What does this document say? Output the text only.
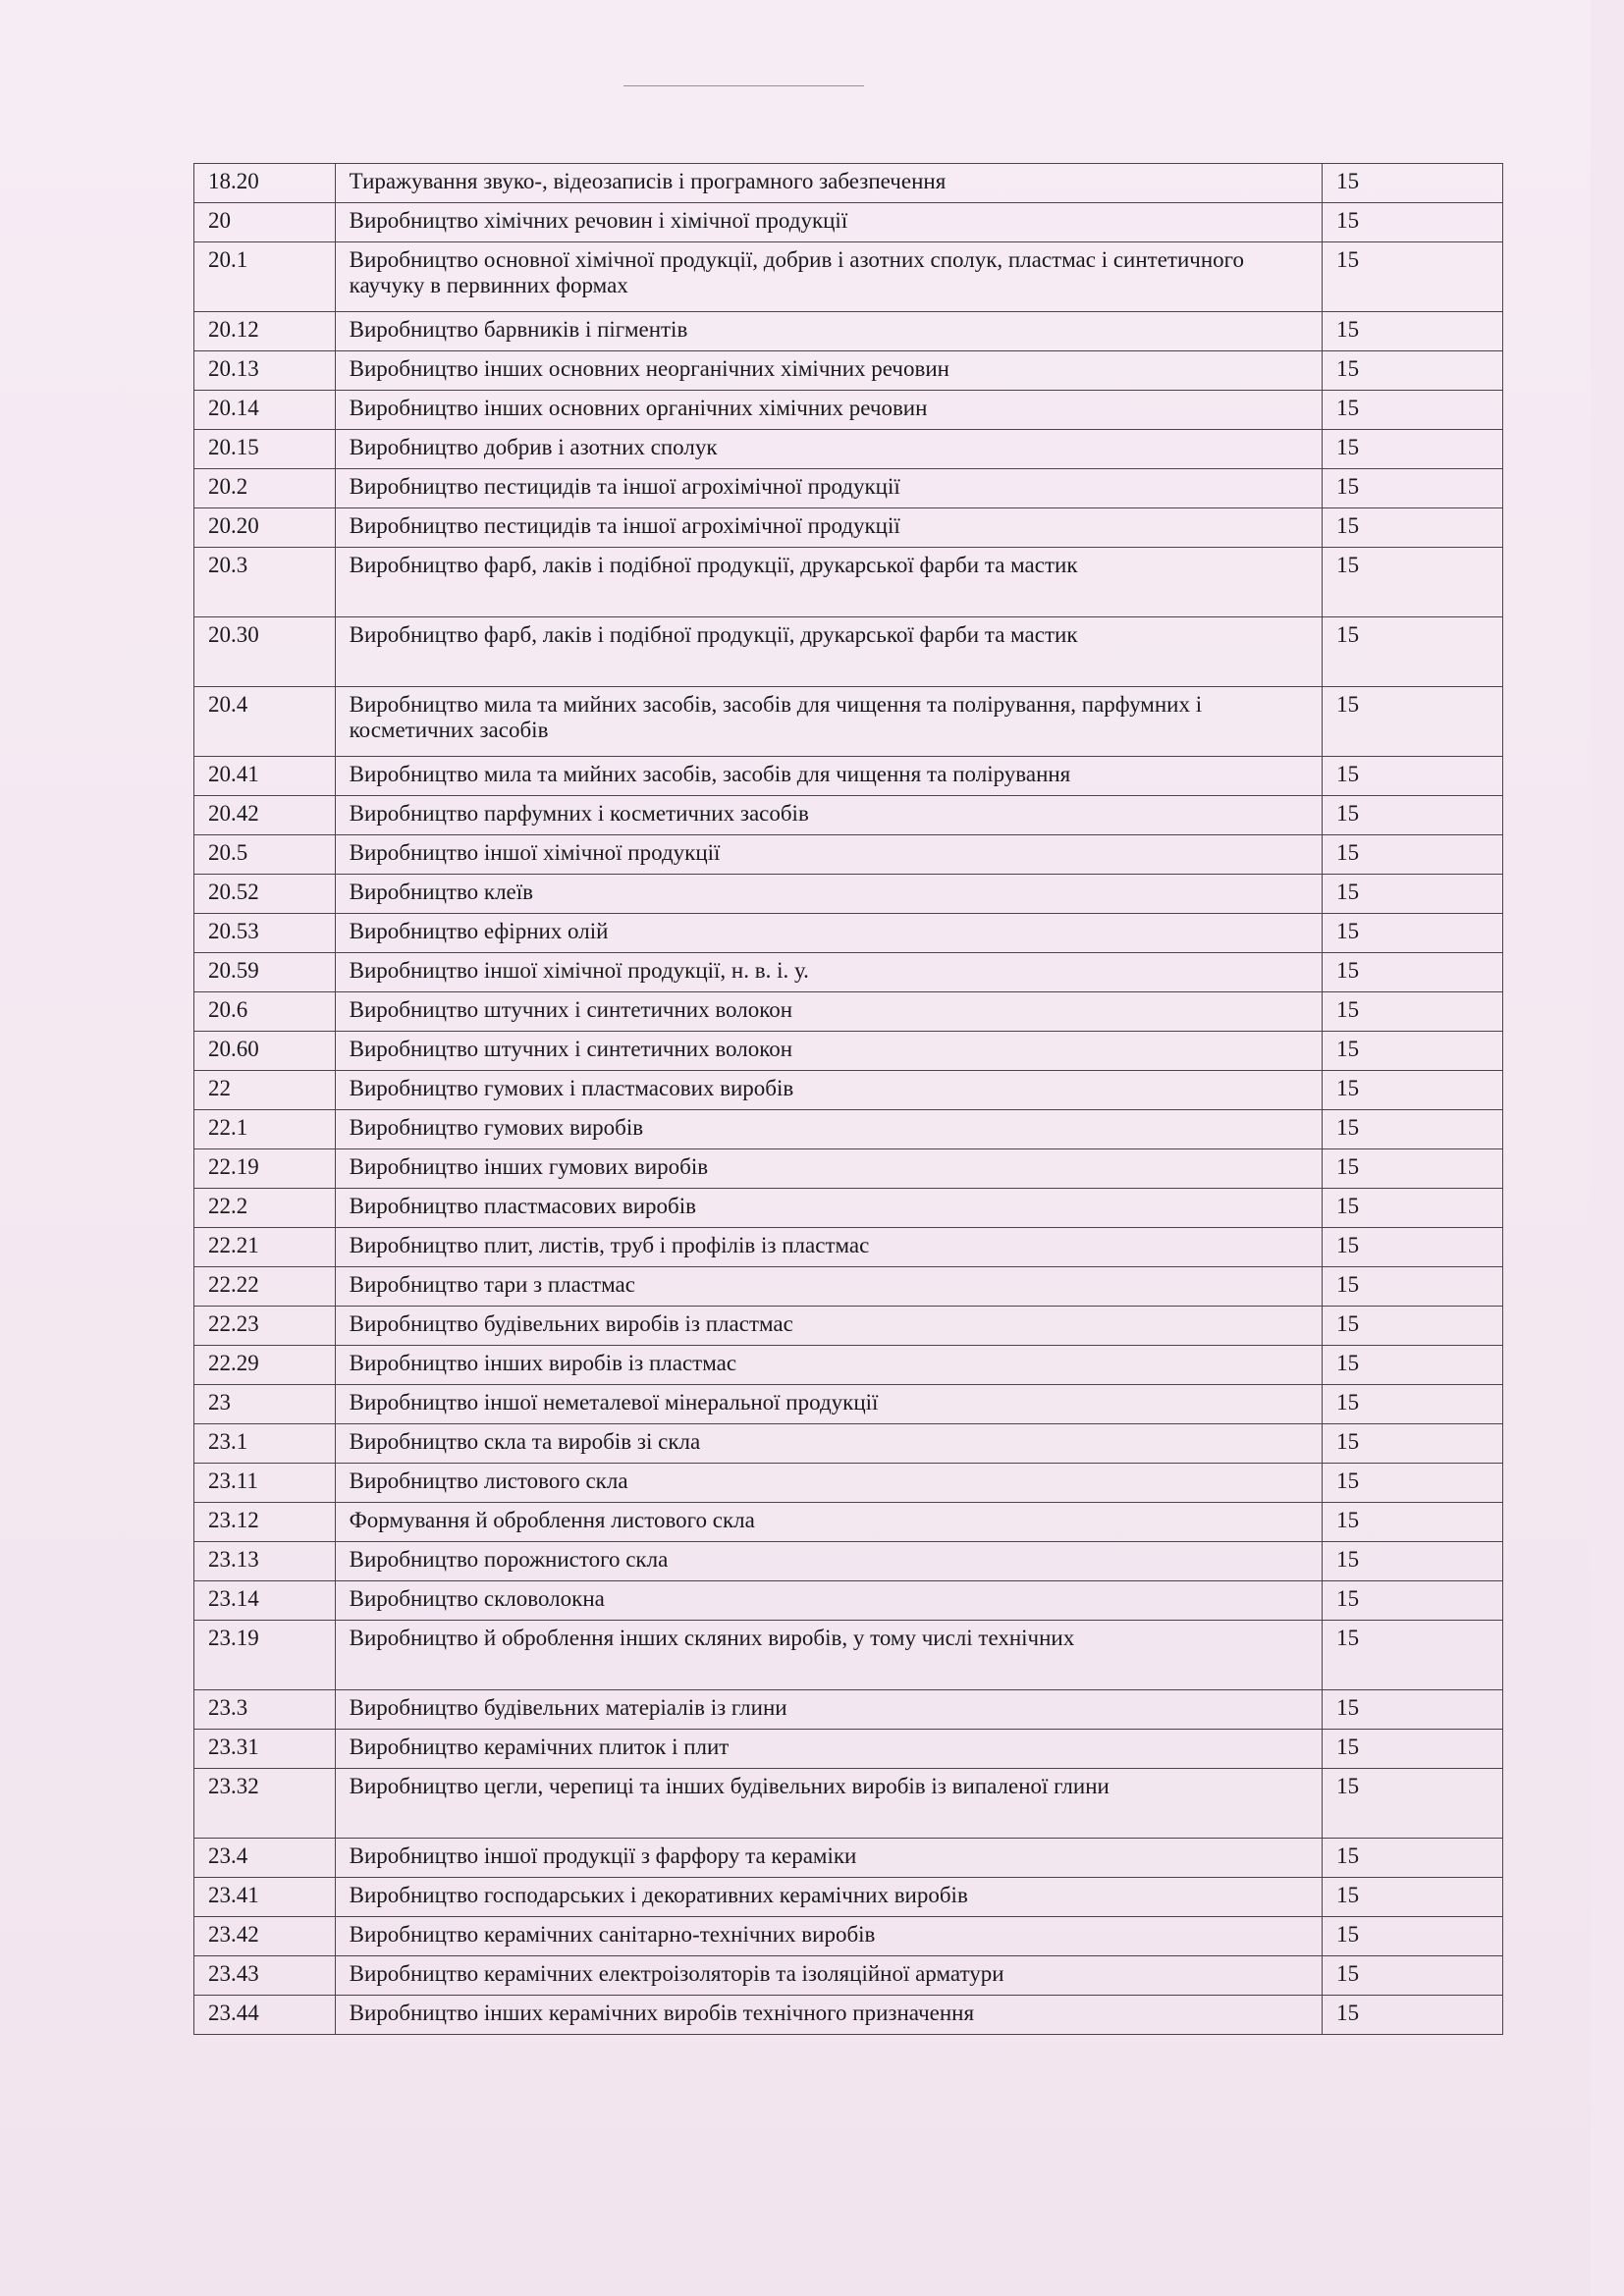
18.20	Тиражування звуко-, відеозаписів і програмного забезпечення	15
20	Виробництво хімічних речовин і хімічної продукції	15
20.1	Виробництво основної хімічної продукції, добрив і азотних сполук, пластмас і синтетичного каучуку в первинних формах	15
20.12	Виробництво барвників і пігментів	15
20.13	Виробництво інших основних неорганічних хімічних речовин	15
20.14	Виробництво інших основних органічних хімічних речовин	15
20.15	Виробництво добрив і азотних сполук	15
20.2	Виробництво пестицидів та іншої агрохімічної продукції	15
20.20	Виробництво пестицидів та іншої агрохімічної продукції	15
20.3	Виробництво фарб, лаків і подібної продукції, друкарської фарби та мастик	15
20.30	Виробництво фарб, лаків і подібної продукції, друкарської фарби та мастик	15
20.4	Виробництво мила та мийних засобів, засобів для чищення та полірування, парфумних і косметичних засобів	15
20.41	Виробництво мила та мийних засобів, засобів для чищення та полірування	15
20.42	Виробництво парфумних і косметичних засобів	15
20.5	Виробництво іншої хімічної продукції	15
20.52	Виробництво клеїв	15
20.53	Виробництво ефірних олій	15
20.59	Виробництво іншої хімічної продукції, н. в. і. у.	15
20.6	Виробництво штучних і синтетичних волокон	15
20.60	Виробництво штучних і синтетичних волокон	15
22	Виробництво гумових і пластмасових виробів	15
22.1	Виробництво гумових виробів	15
22.19	Виробництво інших гумових виробів	15
22.2	Виробництво пластмасових виробів	15
22.21	Виробництво плит, листів, труб і профілів із пластмас	15
22.22	Виробництво тари з пластмас	15
22.23	Виробництво будівельних виробів із пластмас	15
22.29	Виробництво інших виробів із пластмас	15
23	Виробництво іншої неметалевої мінеральної продукції	15
23.1	Виробництво скла та виробів зі скла	15
23.11	Виробництво листового скла	15
23.12	Формування й оброблення листового скла	15
23.13	Виробництво порожнистого скла	15
23.14	Виробництво скловолокна	15
23.19	Виробництво й оброблення інших скляних виробів, у тому числі технічних	15
23.3	Виробництво будівельних матеріалів із глини	15
23.31	Виробництво керамічних плиток і плит	15
23.32	Виробництво цегли, черепиці та інших будівельних виробів із випаленої глини	15
23.4	Виробництво іншої продукції з фарфору та кераміки	15
23.41	Виробництво господарських і декоративних керамічних виробів	15
23.42	Виробництво керамічних санітарно-технічних виробів	15
23.43	Виробництво керамічних електроізоляторів та ізоляційної арматури	15
23.44	Виробництво інших керамічних виробів технічного призначення	15
